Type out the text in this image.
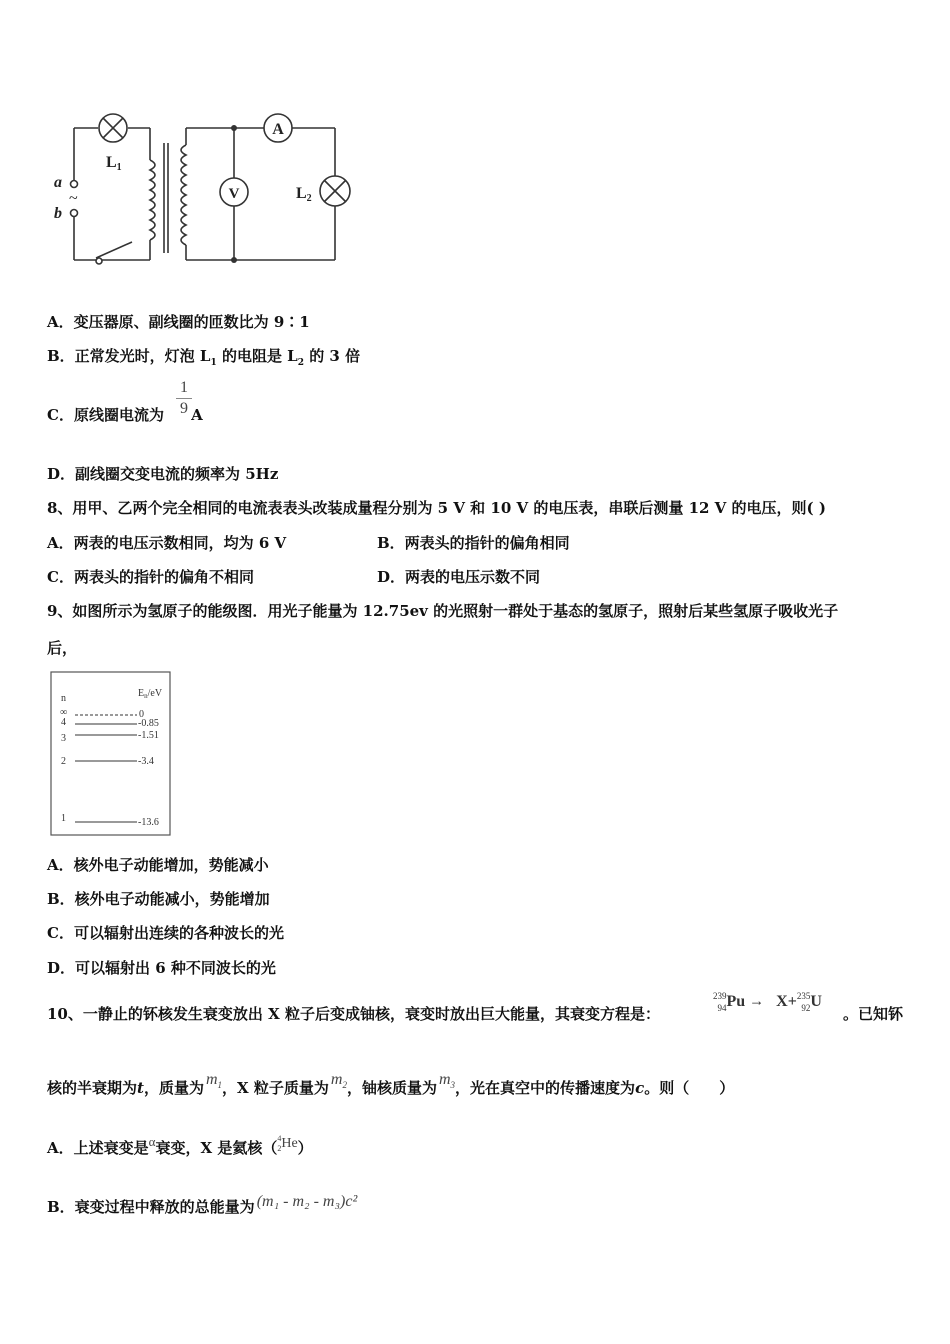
A
V
L1
L2
a
b
~
A．变压器原、副线圈的匝数比为 9∶1
B．正常发光时，灯泡 $L_1$ 的电阻是 $L_2$ 的 3 倍
C．原线圈电流为 A
1
9
D．副线圈交变电流的频率为 5Hz
8、用甲、乙两个完全相同的电流表表头改装成量程分别为 5 V 和 10 V 的电压表，串联后测量 12 V 的电压，则( )
A．两表的电压示数相同，均为 6 V	B．两表头的指针的偏角相同
C．两表头的指针的偏角不相同	D．两表的电压示数不同
9、如图所示为氢原子的能级图．用光子能量为 12.75ev 的光照射一群处于基态的氢原子，照射后某些氢原子吸收光子
后，
n	$E_n/eV$
∞
4
3
2
1
0
-0.85
-1.51
-3.4
-13.6
A．核外电子动能增加，势能减小
B．核外电子动能减小，势能增加
C．可以辐射出连续的各种波长的光
D．可以辐射出 6 种不同波长的光
10、一静止的钚核发生衰变放出 X 粒子后变成铀核，衰变时放出巨大能量，其衰变方程是：
239
94 Pu → X+ 235
92 U
。已知钚
核的半衰期为t，质量为 $m_1$，X 粒子质量为 $m_2$，铀核质量为 $m_3$，光在真空中的传播速度为c。则（　　）
A．上述衰变是α衰变，X 是氦核（
4
2 He）
B．衰变过程中释放的总能量为 (m₁ - m₂ - m₃)c²
